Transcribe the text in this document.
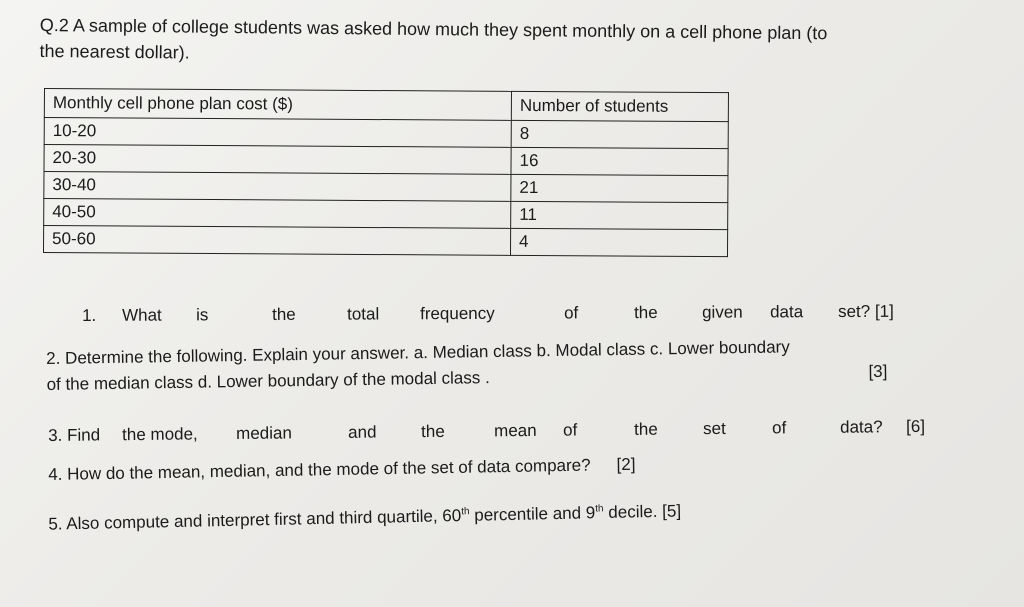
Q.2 A sample of college students was asked how much they spent monthly on a cell phone plan (to
the nearest dollar).
Monthly cell phone plan cost ($)	Number of students
10-20	8
20-30	16
30-40	21
40-50	11
50-60	4
1. What is	the	total frequency	of	the	given data set? [1]
2. Determine the following. Explain your answer. a. Median class b. Modal class c. Lower boundary
of the median class d. Lower boundary of the modal class .	[3]
3. Find the mode, median	and	the	mean of	the	set	of	data? [6]
4. How do the mean, median, and the mode of the set of data compare? [2]
5. Also compute and interpret first and third quartile, 60th percentile and 9th decile. [5]
